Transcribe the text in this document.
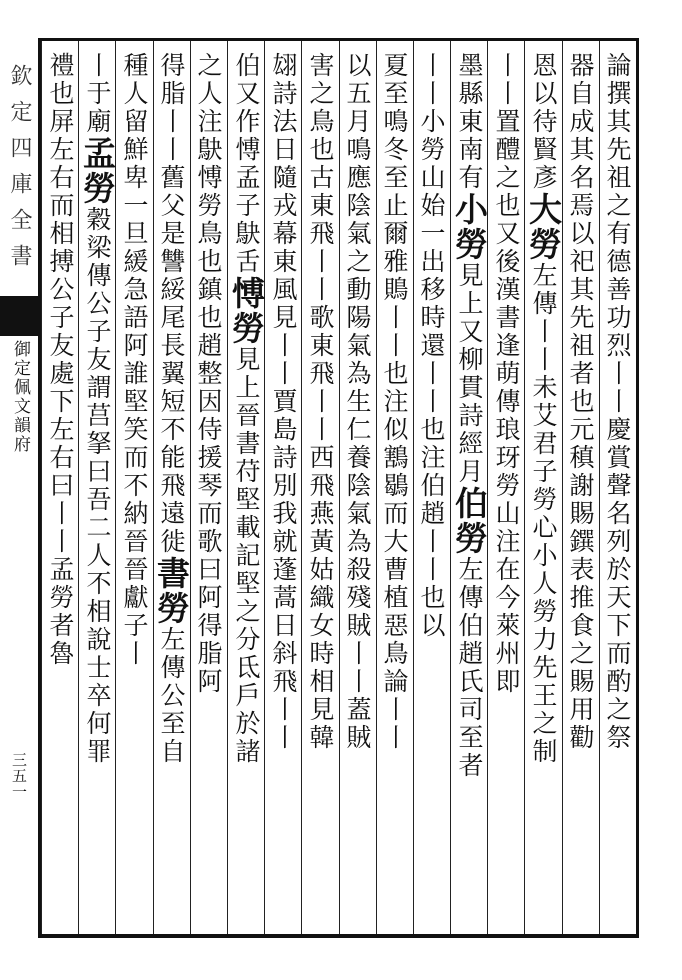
欽定四庫全書
御定佩文韻府
三五一
論撰其先祖之有德善功烈丨丨慶賞聲名列於天下而酌之祭
器自成其名焉以祀其先祖者也元稹謝賜鐉表推食之賜用勸
恩以待賢彥大勞左傳丨丨未艾君子勞心小人勞力先王之制
丨丨置醴之也又後漢書逢萌傳琅玡勞山注在今萊州即
墨縣東南有小勞見上又柳貫詩經月伯勞左傳伯趙氏司至者
丨丨小勞山始一出移時還丨丨也注伯趙丨丨也以
夏至鳴冬至止爾雅鵙丨丨也注似鶷鶡而大曹植惡鳥論丨丨
以五月鳴應陰氣之動陽氣為生仁養陰氣為殺殘賊丨丨蓋賊
害之鳥也古東飛丨丨歌東飛丨丨西飛燕黃姑織女時相見韓
翃詩法日隨戎幕東風見丨丨賈島詩別我就蓬蒿日斜飛丨丨
伯又作愽孟子鴃舌愽勞見上晉書苻堅載記堅之分氐戶於諸
之人注鴃愽勞鳥也鎮也趙整因侍援琴而歌曰阿得脂阿
得脂丨丨舊父是讐綏尾長翼短不能飛遠徙書勞左傳公至自
種人留鮮卑一旦緩急語阿誰堅笑而不納晉晉獻子丨
丨于廟孟勞穀梁傳公子友謂莒拏曰吾二人不相說士卒何罪
禮也屏左右而相搏公子友處下左右曰丨丨孟勞者魯
